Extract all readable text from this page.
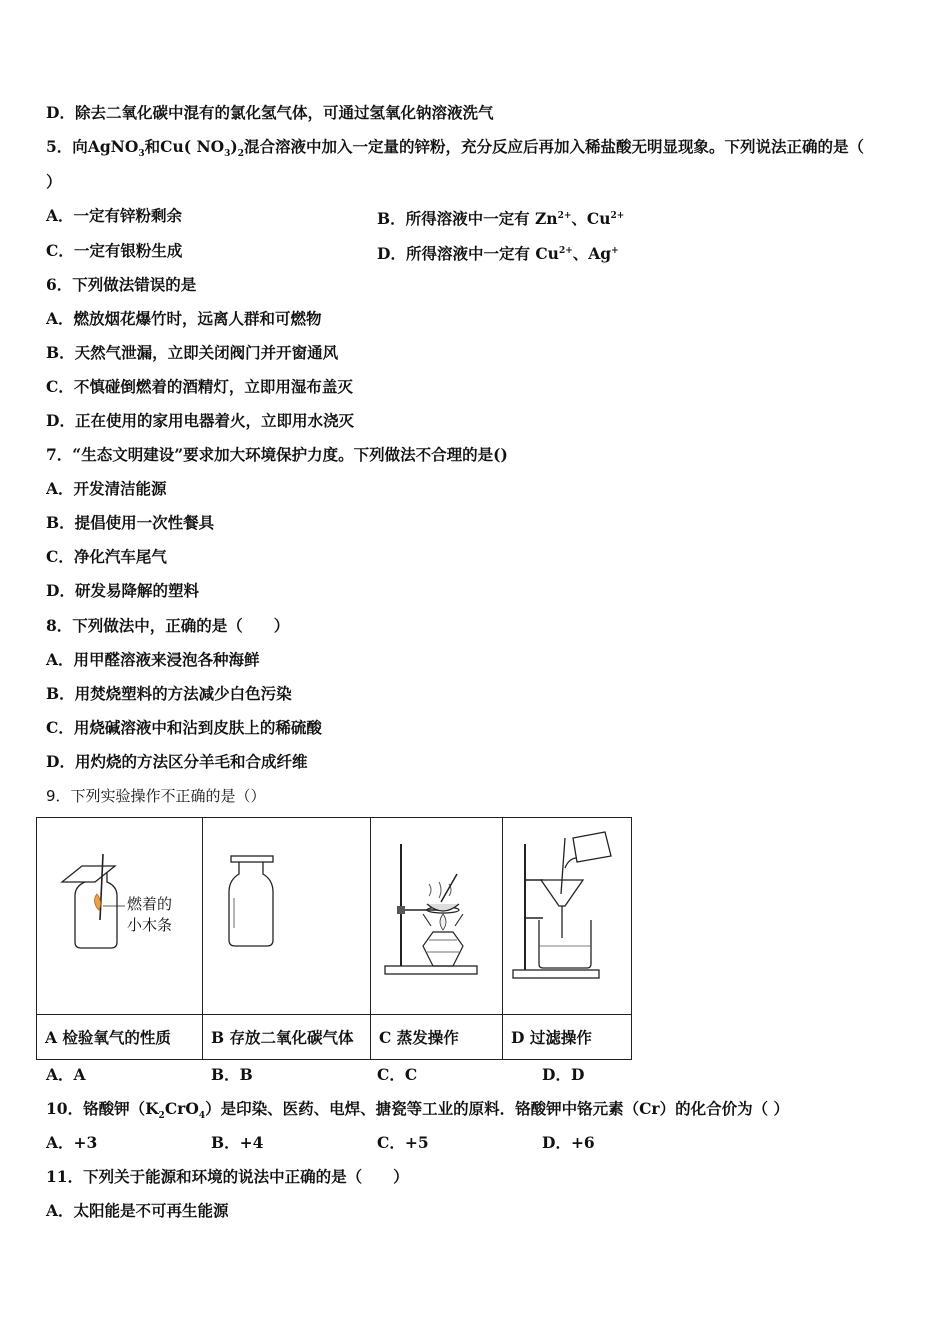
D．除去二氧化碳中混有的氯化氢气体，可通过氢氧化钠溶液洗气
5．向AgNO$_3$和Cu( $NO_3)_2$混合溶液中加入一定量的锌粉，充分反应后再加入稀盐酸无明显现象。下列说法正确的是（
）
A．一定有锌粉剩余	B．所得溶液中一定有 $Zn^{2+}$、$Cu^{2+}$
C．一定有银粉生成	D．所得溶液中一定有 $Cu^{2+}$、Ag+
6．下列做法错误的是
A．燃放烟花爆竹时，远离人群和可燃物
B．天然气泄漏，立即关闭阀门并开窗通风
C．不慎碰倒燃着的酒精灯，立即用湿布盖灭
D．正在使用的家用电器着火，立即用水浇灭
7．“生态文明建设”要求加大环境保护力度。下列做法不合理的是()
A．开发清洁能源
B．提倡使用一次性餐具
C．净化汽车尾气
D．研发易降解的塑料
8．下列做法中，正确的是（　　）
A．用甲醛溶液来浸泡各种海鲜
B．用焚烧塑料的方法减少白色污染
C．用烧碱溶液中和沾到皮肤上的稀硫酸
D．用灼烧的方法区分羊毛和合成纤维
9．下列实验操作不正确的是（）
燃着的
小木条

A 检验氧气的性质	B 存放二氧化碳气体	C 蒸发操作	D 过滤操作
A．A	B．B	C．C	D．D
10．铬酸钾$(K_2CrO_4)$是印染、医药、电焊、搪瓷等工业的原料．铬酸钾中铬元素（Cr）的化合价为（ ）
A．+3	B．+4	C．+5	D．+6
11．下列关于能源和环境的说法中正确的是（　　）
A．太阳能是不可再生能源
